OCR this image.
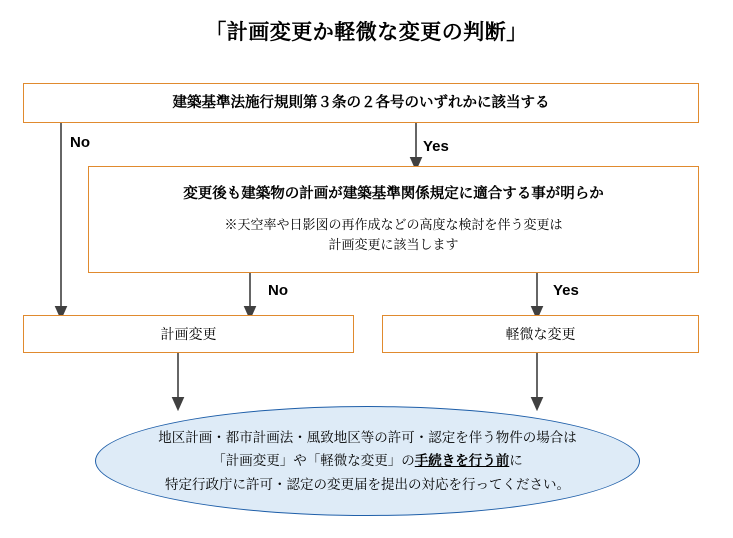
「計画変更か軽微な変更の判断」
建築基準法施行規則第３条の２各号のいずれかに該当する
変更後も建築物の計画が建築基準関係規定に適合する事が明らか
※天空率や日影図の再作成などの高度な検討を伴う変更は
計画変更に該当します
計画変更	軽微な変更
No	Yes
No	Yes
地区計画・都市計画法・風致地区等の許可・認定を伴う物件の場合は
「計画変更」や「軽微な変更」の手続きを行う前に
特定行政庁に許可・認定の変更届を提出の対応を行ってください。
